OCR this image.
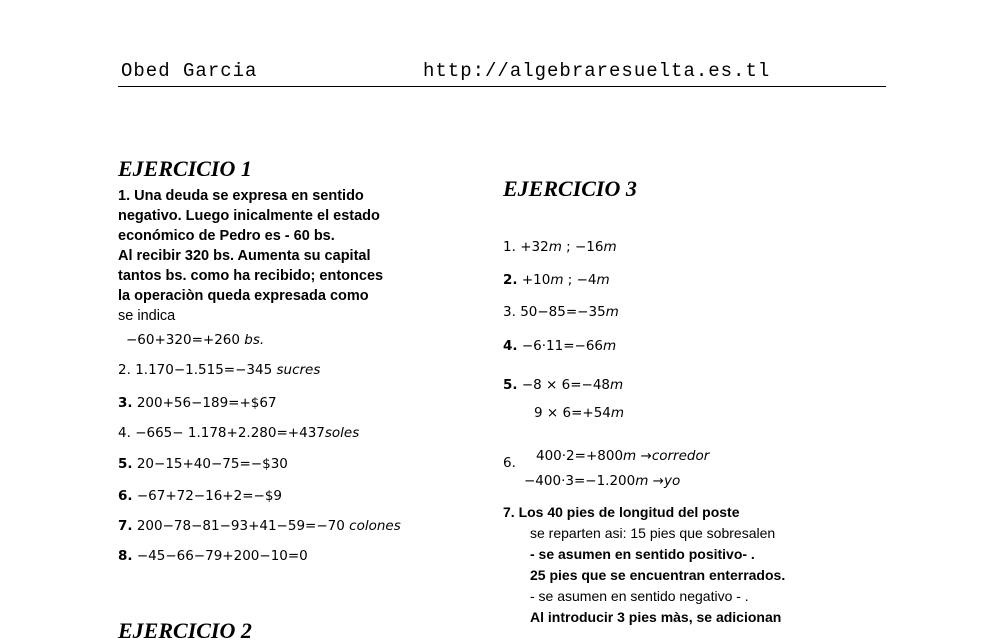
Obed Garcia	http://algebraresuelta.es.tl
EJERCICIO 1
1. Una deuda se expresa en sentido
negativo. Luego inicalmente el estado
económico de Pedro es - 60 bs.
Al recibir 320 bs. Aumenta su capital
tantos bs. como ha recibido; entonces
la operaciòn queda expresada como
se indica
−60+320=+260 bs.
2. 1.170−1.515=−345 sucres
3. 200+56−189=+$67
4. −665− 1.178+2.280=+437soles
5. 20−15+40−75=−$30
6. −67+72−16+2=−$9
7. 200−78−81−93+41−59=−70 colones
8. −45−66−79+200−10=0
EJERCICIO 2
EJERCICIO 3
1. +32m ; −16m
2. +10m ; −4m
3. 50−85=−35m
4. −6·11=−66m
5. −8 × 6=−48m
9 × 6=+54m
6. 400·2=+800m →corredor
−400·3=−1.200m →yo
7. Los 40 pies de longitud del poste
se reparten asi: 15 pies que sobresalen
- se asumen en sentido positivo- .
25 pies que se encuentran enterrados.
- se asumen en sentido negativo - .
Al introducir 3 pies màs, se adicionan
